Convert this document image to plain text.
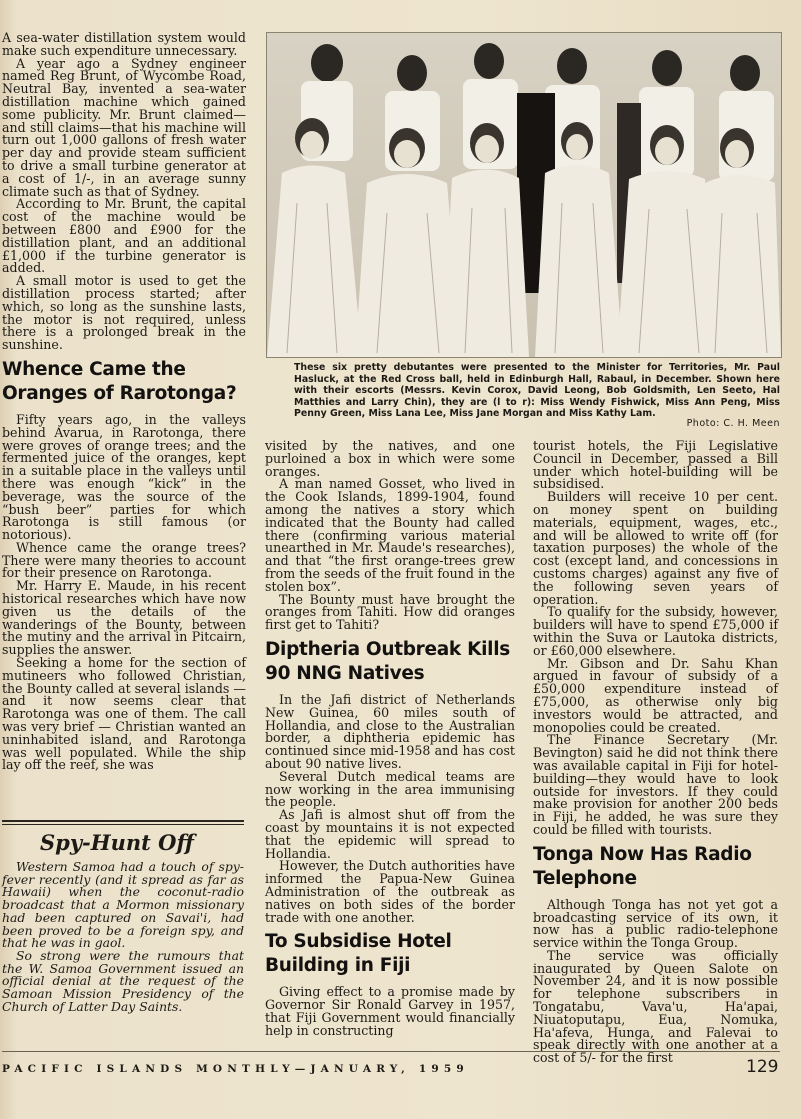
A sea-water distillation system would make such expenditure unnecessary.

A year ago a Sydney engineer named Reg Brunt, of Wycombe Road, Neutral Bay, invented a sea-water distillation machine which gained some publicity. Mr. Brunt claimed—and still claims—that his machine will turn out 1,000 gallons of fresh water per day and provide steam sufficient to drive a small turbine generator at a cost of 1/-, in an average sunny climate such as that of Sydney.

According to Mr. Brunt, the capital cost of the machine would be between £800 and £900 for the distillation plant, and an additional £1,000 if the turbine generator is added.

A small motor is used to get the distillation process started; after which, so long as the sunshine lasts, the motor is not required, unless there is a prolonged break in the sunshine.

Whence Came the Oranges of Rarotonga?

Fifty years ago, in the valleys behind Avarua, in Rarotonga, there were groves of orange trees; and the fermented juice of the oranges, kept in a suitable place in the valleys until there was enough “kick” in the beverage, was the source of the “bush beer” parties for which Rarotonga is still famous (or notorious).

Whence came the orange trees? There were many theories to account for their presence on Rarotonga.

Mr. Harry E. Maude, in his recent historical researches which have now given us the details of the wanderings of the Bounty, between the mutiny and the arrival in Pitcairn, supplies the answer.

Seeking a home for the section of mutineers who followed Christian, the Bounty called at several islands —and it now seems clear that Rarotonga was one of them. The call was very brief — Christian wanted an uninhabited island, and Rarotonga was well populated. While the ship lay off the reef, she was

Spy-Hunt Off

Western Samoa had a touch of spy-fever recently (and it spread as far as Hawaii) when the coconut-radio broadcast that a Mormon missionary had been captured on Savai'i, had been proved to be a foreign spy, and that he was in gaol.

So strong were the rumours that the W. Samoa Government issued an official denial at the request of the Samoan Mission Presidency of the Church of Latter Day Saints.

These six pretty debutantes were presented to the Minister for Territories, Mr. Paul Hasluck, at the Red Cross ball, held in Edinburgh Hall, Rabaul, in December. Shown here with their escorts (Messrs. Kevin Corox, David Leong, Bob Goldsmith, Len Seeto, Hal Matthies and Larry Chin), they are (l to r): Miss Wendy Fishwick, Miss Ann Peng, Miss Penny Green, Miss Lana Lee, Miss Jane Morgan and Miss Kathy Lam.
Photo: C. H. Meen

visited by the natives, and one purloined a box in which were some oranges.

A man named Gosset, who lived in the Cook Islands, 1899-1904, found among the natives a story which indicated that the Bounty had called there (confirming various material unearthed in Mr. Maude's researches), and that “the first orange-trees grew from the seeds of the fruit found in the stolen box”.

The Bounty must have brought the oranges from Tahiti. How did oranges first get to Tahiti?

Diptheria Outbreak Kills 90 NNG Natives

In the Jafi district of Netherlands New Guinea, 60 miles south of Hollandia, and close to the Australian border, a diphtheria epidemic has continued since mid-1958 and has cost about 90 native lives.

Several Dutch medical teams are now working in the area immunising the people.

As Jafi is almost shut off from the coast by mountains it is not expected that the epidemic will spread to Hollandia.

However, the Dutch authorities have informed the Papua-New Guinea Administration of the outbreak as natives on both sides of the border trade with one another.

To Subsidise Hotel Building in Fiji

Giving effect to a promise made by Governor Sir Ronald Garvey in 1957, that Fiji Government would financially help in constructing

tourist hotels, the Fiji Legislative Council in December, passed a Bill under which hotel-building will be subsidised.

Builders will receive 10 per cent. on money spent on building materials, equipment, wages, etc., and will be allowed to write off (for taxation purposes) the whole of the cost (except land, and concessions in customs charges) against any five of the following seven years of operation.

To qualify for the subsidy, however, builders will have to spend £75,000 if within the Suva or Lautoka districts, or £60,000 elsewhere.

Mr. Gibson and Dr. Sahu Khan argued in favour of subsidy of a £50,000 expenditure instead of £75,000, as otherwise only big investors would be attracted, and monopolies could be created.

The Finance Secretary (Mr. Bevington) said he did not think there was available capital in Fiji for hotel-building—they would have to look outside for investors. If they could make provision for another 200 beds in Fiji, he added, he was sure they could be filled with tourists.

Tonga Now Has Radio Telephone

Although Tonga has not yet got a broadcasting service of its own, it now has a public radio-telephone service within the Tonga Group.

The service was officially inaugurated by Queen Salote on November 24, and it is now possible for telephone subscribers in Tongatabu, Vava'u, Ha'apai, Niuatoputapu, Eua, Nomuka, Ha'afeva, Hunga, and Falevai to speak directly with one another at a cost of 5/- for the first

PACIFIC ISLANDS MONTHLY—JANUARY, 1959	129
